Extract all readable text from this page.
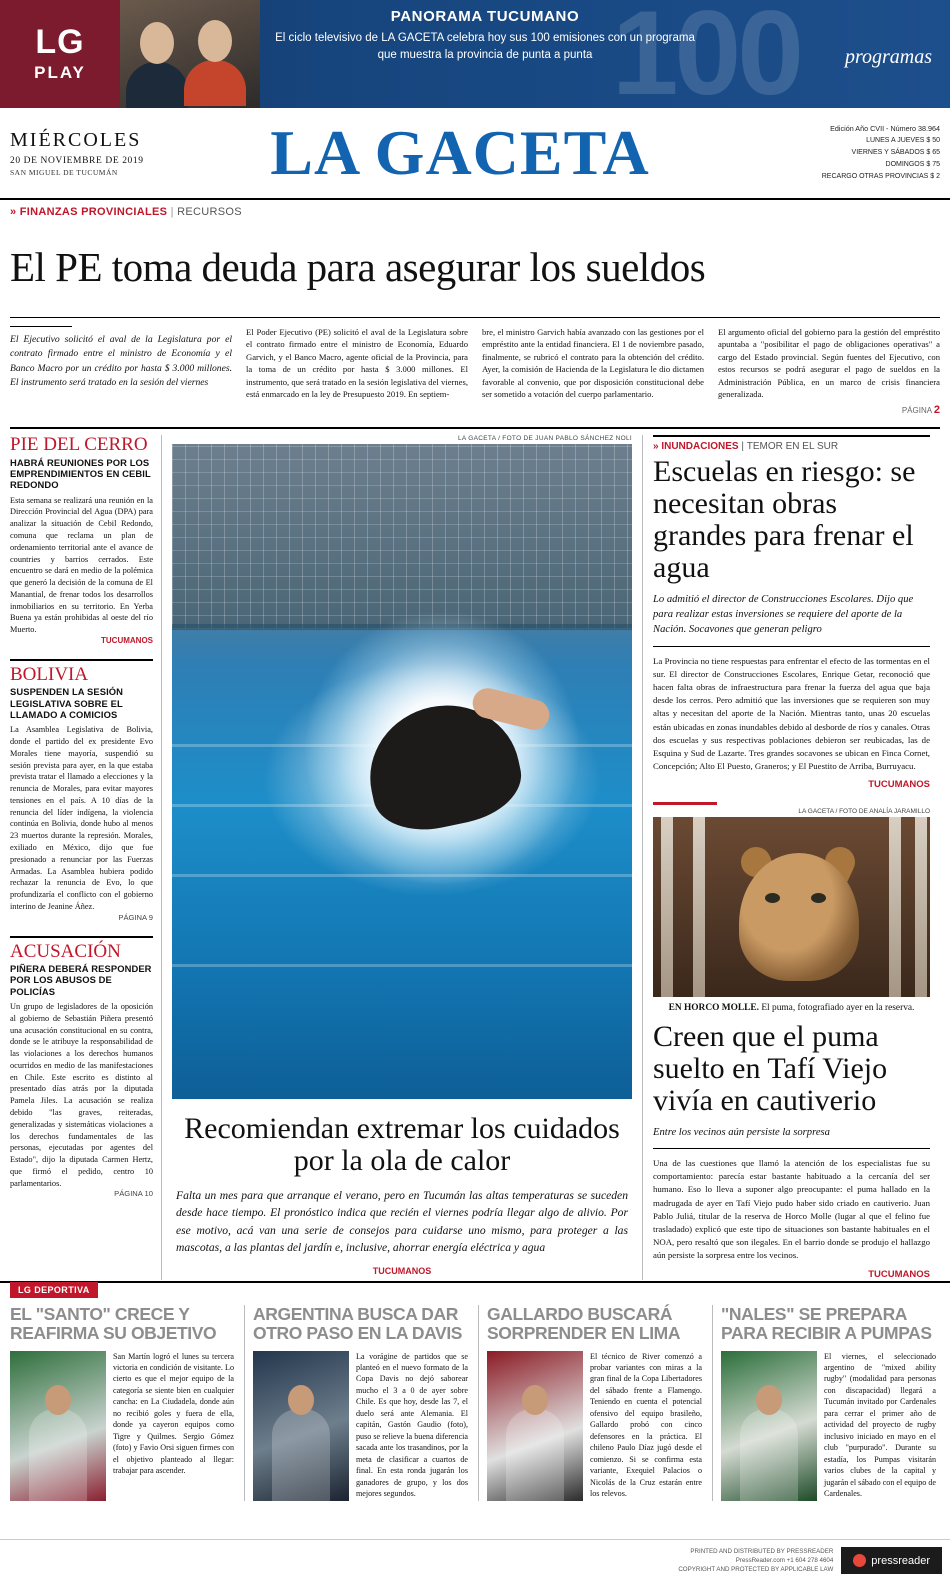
LG
PLAY	100
PANORAMA TUCUMANO
El ciclo televisivo de LA GACETA celebra hoy sus 100 emisiones con un programa que muestra la provincia de punta a punta	programas
MIÉRCOLES
20 DE NOVIEMBRE DE 2019
SAN MIGUEL DE TUCUMÁN	LA GACETA	Edición Año CVII - Número 38.964
LUNES A JUEVES $ 50
VIERNES Y SÁBADOS $ 65
DOMINGOS $ 75
RECARGO OTRAS PROVINCIAS $ 2
» FINANZAS PROVINCIALES | RECURSOS
El PE toma deuda para asegurar los sueldos
El Ejecutivo solicitó el aval de la Legislatura por el contrato firmado entre el ministro de Economía y el Banco Macro por un crédito por hasta $ 3.000 millones. El instrumento será tratado en la sesión del viernes
El Poder Ejecutivo (PE) solicitó el aval de la Legislatura sobre el contrato firmado entre el ministro de Economía, Eduardo Garvich, y el Banco Macro, agente oficial de la Provincia, para la toma de un crédito por hasta $ 3.000 millones. El instrumento, que será tratado en la sesión legislativa del viernes, está enmarcado en la ley de Presupuesto 2019. En septiem-
bre, el ministro Garvich había avanzado con las gestiones por el empréstito ante la entidad financiera. El 1 de noviembre pasado, finalmente, se rubricó el contrato para la obtención del crédito. Ayer, la comisión de Hacienda de la Legislatura le dio dictamen favorable al convenio, que por disposición constitucional debe ser sometido a votación del cuerpo parlamentario.
El argumento oficial del gobierno para la gestión del empréstito apuntaba a "posibilitar el pago de obligaciones operativas" a cargo del Estado provincial. Según fuentes del Ejecutivo, con estos recursos se podrá asegurar el pago de sueldos en la Administración Pública, en un marco de crisis financiera generalizada.
PÁGINA 2
PIE DEL CERRO
HABRÁ REUNIONES POR LOS EMPRENDIMIENTOS EN CEBIL REDONDO

Esta semana se realizará una reunión en la Dirección Provincial del Agua (DPA) para analizar la situación de Cebil Redondo, comuna que reclama un plan de ordenamiento territorial ante el avance de countries y barrios cerrados. Este encuentro se dará en medio de la polémica que generó la decisión de la comuna de El Manantial, de frenar todos los desarrollos inmobiliarios en su territorio. En Yerba Buena ya están prohibidas al oeste del río Muerto.

TUCUMANOS
BOLIVIA
SUSPENDEN LA SESIÓN LEGISLATIVA SOBRE EL LLAMADO A COMICIOS

La Asamblea Legislativa de Bolivia, donde el partido del ex presidente Evo Morales tiene mayoría, suspendió su sesión prevista para ayer, en la que estaba prevista tratar el llamado a elecciones y la renuncia de Morales, para evitar mayores tensiones en el país. A 10 días de la renuncia del líder indígena, la violencia continúa en Bolivia, donde hubo al menos 23 muertos durante la represión. Morales, exiliado en México, dijo que fue presionado a renunciar por las Fuerzas Armadas. La Asamblea hubiera podido rechazar la renuncia de Evo, lo que profundizaría el conflicto con el gobierno interino de Jeanine Áñez.

PÁGINA 9
ACUSACIÓN
PIÑERA DEBERÁ RESPONDER POR LOS ABUSOS DE POLICÍAS

Un grupo de legisladores de la oposición al gobierno de Sebastián Piñera presentó una acusación constitucional en su contra, donde se le atribuye la responsabilidad de las violaciones a los derechos humanos ocurridos en medio de las manifestaciones en Chile. Este escrito es distinto al presentado días atrás por la diputada Pamela Jiles. La acusación se realiza debido "las graves, reiteradas, generalizadas y sistemáticas violaciones a los derechos fundamentales de las personas, ejecutadas por agentes del Estado", dijo la diputada Carmen Hertz, que firmó el pedido, centro 10 parlamentarios.

PÁGINA 10
LA GACETA / FOTO DE JUAN PABLO SÁNCHEZ NOLI
Recomiendan extremar los cuidados por la ola de calor
Falta un mes para que arranque el verano, pero en Tucumán las altas temperaturas se suceden desde hace tiempo. El pronóstico indica que recién el viernes podría llegar algo de alivio. Por ese motivo, acá van una serie de consejos para cuidarse uno mismo, para proteger a las mascotas, a las plantas del jardín e, inclusive, ahorrar energía eléctrica y agua
TUCUMANOS
» INUNDACIONES | TEMOR EN EL SUR
Escuelas en riesgo: se necesitan obras grandes para frenar el agua
Lo admitió el director de Construcciones Escolares. Dijo que para realizar estas inversiones se requiere del aporte de la Nación. Socavones que generan peligro
La Provincia no tiene respuestas para enfrentar el efecto de las tormentas en el sur. El director de Construcciones Escolares, Enrique Getar, reconoció que hacen falta obras de infraestructura para frenar la fuerza del agua que baja desde los cerros. Pero admitió que las inversiones que se requieren son muy altas y necesitan del aporte de la Nación. Mientras tanto, unas 20 escuelas están ubicadas en zonas inundables debido al desborde de ríos y canales. Otras dos escuelas y sus respectivas poblaciones debieron ser reubicadas, las de Esquina y Sud de Lazarte. Tres grandes socavones se ubican en Finca Cornet, Concepción; Alto El Puesto, Graneros; y El Puestito de Arriba, Burruyacu.
TUCUMANOS
LA GACETA / FOTO DE ANALÍA JARAMILLO
EN HORCO MOLLE. El puma, fotografiado ayer en la reserva.
Creen que el puma suelto en Tafí Viejo vivía en cautiverio
Entre los vecinos aún persiste la sorpresa
Una de las cuestiones que llamó la atención de los especialistas fue su comportamiento: parecía estar bastante habituado a la cercanía del ser humano. Eso lo lleva a suponer algo preocupante: el puma hallado en la madrugada de ayer en Tafí Viejo pudo haber sido criado en cautiverio. Juan Pablo Juliá, titular de la reserva de Horco Molle (lugar al que el felino fue trasladado) explicó que este tipo de situaciones son bastante habituales en el NOA, pero resaltó que son ilegales. En el barrio donde se produjo el hallazgo aún persiste la sorpresa entre los vecinos.
TUCUMANOS
LG DEPORTIVA
EL "SANTO" CRECE Y REAFIRMA SU OBJETIVO
San Martín logró el lunes su tercera victoria en condición de visitante. Lo cierto es que el mejor equipo de la categoría se siente bien en cualquier cancha: en La Ciudadela, donde aún no recibió goles y fuera de ella, donde ya cayeron equipos como Tigre y Quilmes. Sergio Gómez (foto) y Favio Orsi siguen firmes con el objetivo planteado al llegar: trabajar para ascender.
ARGENTINA BUSCA DAR OTRO PASO EN LA DAVIS
La vorágine de partidos que se planteó en el nuevo formato de la Copa Davis no dejó saborear mucho el 3 a 0 de ayer sobre Chile. Es que hoy, desde las 7, el duelo será ante Alemania. El capitán, Gastón Gaudio (foto), puso se relieve la buena diferencia sacada ante los trasandinos, por la meta de clasificar a cuartos de final. En esta ronda jugarán los ganadores de grupo, y los dos mejores segundos.
GALLARDO BUSCARÁ SORPRENDER EN LIMA
El técnico de River comenzó a probar variantes con miras a la gran final de la Copa Libertadores del sábado frente a Flamengo. Teniendo en cuenta el potencial ofensivo del equipo brasileño, Gallardo probó con cinco defensores en la práctica. El chileno Paulo Díaz jugó desde el comienzo. Si se confirma esta variante, Exequiel Palacios o Nicolás de la Cruz estarán entre los relevos.
"NALES" SE PREPARA PARA RECIBIR A PUMPAS
El viernes, el seleccionado argentino de "mixed ability rugby" (modalidad para personas con discapacidad) llegará a Tucumán invitado por Cardenales para cerrar el primer año de actividad del proyecto de rugby inclusivo iniciado en mayo en el club "purpurado". Durante su estadía, los Pumpas visitarán varios clubes de la capital y jugarán el sábado con el equipo de Cardenales.
PRINTED AND DISTRIBUTED BY PRESSREADER
PressReader.com +1 604 278 4604
COPYRIGHT AND PROTECTED BY APPLICABLE LAW
pressreader
